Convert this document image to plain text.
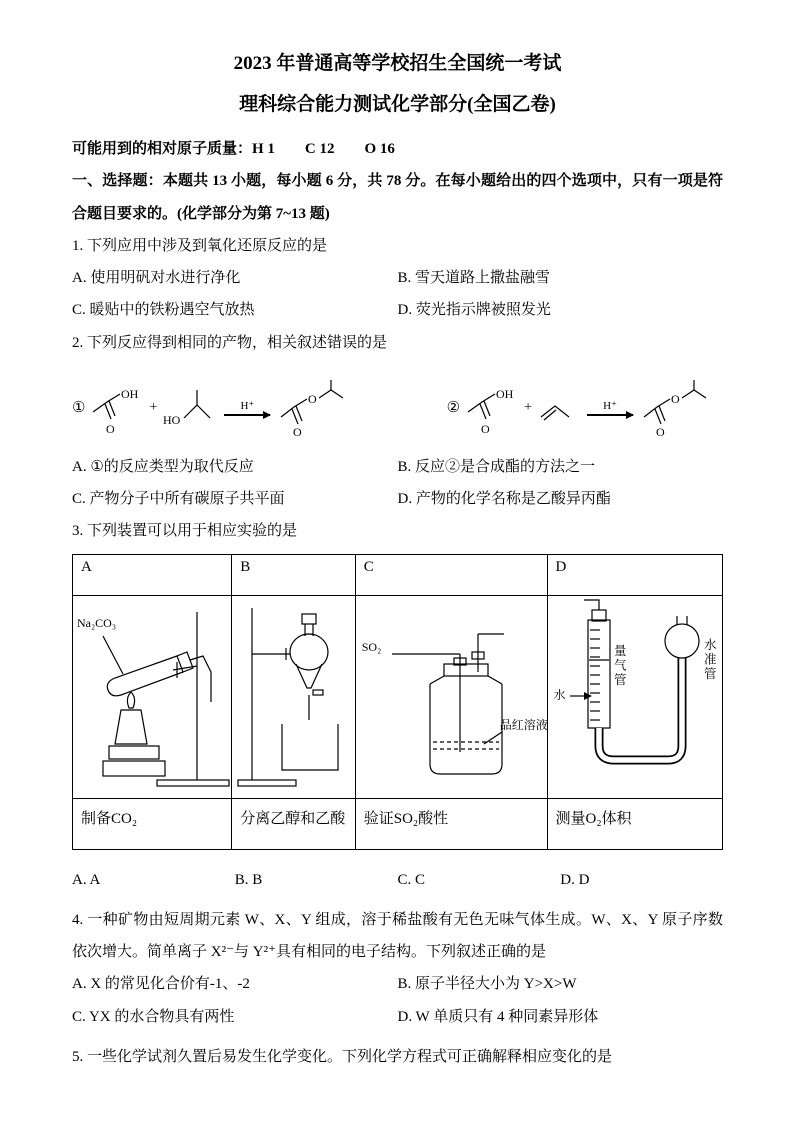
2023 年普通高等学校招生全国统一考试
理科综合能力测试化学部分(全国乙卷)

可能用到的相对原子质量：H 1　　C 12　　O 16

一、选择题：本题共 13 小题，每小题 6 分，共 78 分。在每小题给出的四个选项中，只有一项是符合题目要求的。(化学部分为第 7~13 题)

1. 下列应用中涉及到氧化还原反应的是

A. 使用明矾对水进行净化	B. 雪天道路上撒盐融雪
C. 暖贴中的铁粉遇空气放热	D. 荧光指示牌被照发光

2. 下列反应得到相同的产物，相关叙述错误的是

①
OH
O
+
HO
H⁺
O
O
②
OH
O
+	H⁺
O
O
A. ①的反应类型为取代反应	B. 反应②是合成酯的方法之一
C. 产物分子中所有碳原子共平面	D. 产物的化学名称是乙酸异丙酯

3. 下列装置可以用于相应实验的是

A	B	C	D

Na₂CO₃

SO₂
品红溶液

水
量气管	水准管

制备CO₂	分离乙醇和乙酸	验证SO₂酸性	测量O₂体积
A. A	B. B	C. C	D. D

4. 一种矿物由短周期元素 W、X、Y 组成，溶于稀盐酸有无色无味气体生成。W、X、Y 原子序数依次增大。简单离子 X²⁻与 Y²⁺具有相同的电子结构。下列叙述正确的是

A. X 的常见化合价有-1、-2	B. 原子半径大小为 Y>X>W
C. YX 的水合物具有两性	D. W 单质只有 4 种同素异形体

5. 一些化学试剂久置后易发生化学变化。下列化学方程式可正确解释相应变化的是
